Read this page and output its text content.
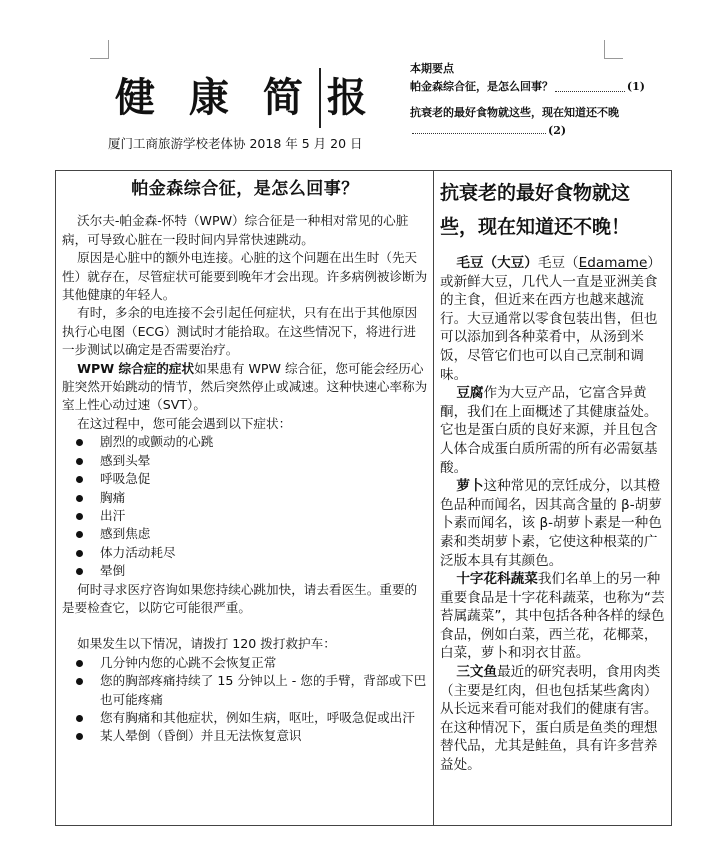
健 康 简 报
厦门工商旅游学校老体协 2018 年 5 月 20 日
本期要点
帕金森综合征，是怎么回事？	(1)
抗衰老的最好食物就这些，现在知道还不晚(2)
帕金森综合征，是怎么回事？

沃尔夫-帕金森-怀特（WPW）综合征是一种相对常见的心脏病，可导致心脏在一段时间内异常快速跳动。

原因是心脏中的额外电连接。心脏的这个问题在出生时（先天性）就存在，尽管症状可能要到晚年才会出现。许多病例被诊断为其他健康的年轻人。

有时，多余的电连接不会引起任何症状，只有在出于其他原因执行心电图（ECG）测试时才能拾取。在这些情况下，将进行进一步测试以确定是否需要治疗。

WPW 综合症的症状如果患有 WPW 综合征，您可能会经历心脏突然开始跳动的情节，然后突然停止或减速。这种快速心率称为室上性心动过速（SVT）。

在这过程中，您可能会遇到以下症状：

剧烈的或颤动的心跳
感到头晕
呼吸急促
胸痛
出汗
感到焦虑
体力活动耗尽
晕倒

何时寻求医疗咨询如果您持续心跳加快，请去看医生。重要的是要检查它，以防它可能很严重。

如果发生以下情况，请拨打 120 拨打救护车：

几分钟内您的心跳不会恢复正常
您的胸部疼痛持续了 15 分钟以上 - 您的手臂，背部或下巴也可能疼痛
您有胸痛和其他症状，例如生病，呕吐，呼吸急促或出汗
某人晕倒（昏倒）并且无法恢复意识
抗衰老的最好食物就这些，现在知道还不晚！

毛豆（大豆）毛豆（Edamame）或新鲜大豆，几代人一直是亚洲美食的主食，但近来在西方也越来越流行。大豆通常以零食包装出售，但也可以添加到各种菜肴中，从汤到米饭，尽管它们也可以自己烹制和调味。

豆腐作为大豆产品，它富含异黄酮，我们在上面概述了其健康益处。它也是蛋白质的良好来源，并且包含人体合成蛋白质所需的所有必需氨基酸。

萝卜这种常见的烹饪成分，以其橙色品种而闻名，因其高含量的 β-胡萝卜素而闻名，该 β-胡萝卜素是一种色素和类胡萝卜素，它使这种根菜的广泛版本具有其颜色。

十字花科蔬菜我们名单上的另一种重要食品是十字花科蔬菜，也称为“芸苔属蔬菜”，其中包括各种各样的绿色食品，例如白菜，西兰花，花椰菜，白菜，萝卜和羽衣甘蓝。

三文鱼最近的研究表明，食用肉类（主要是红肉，但也包括某些禽肉）从长远来看可能对我们的健康有害。在这种情况下，蛋白质是鱼类的理想替代品，尤其是鲑鱼，具有许多营养益处。
